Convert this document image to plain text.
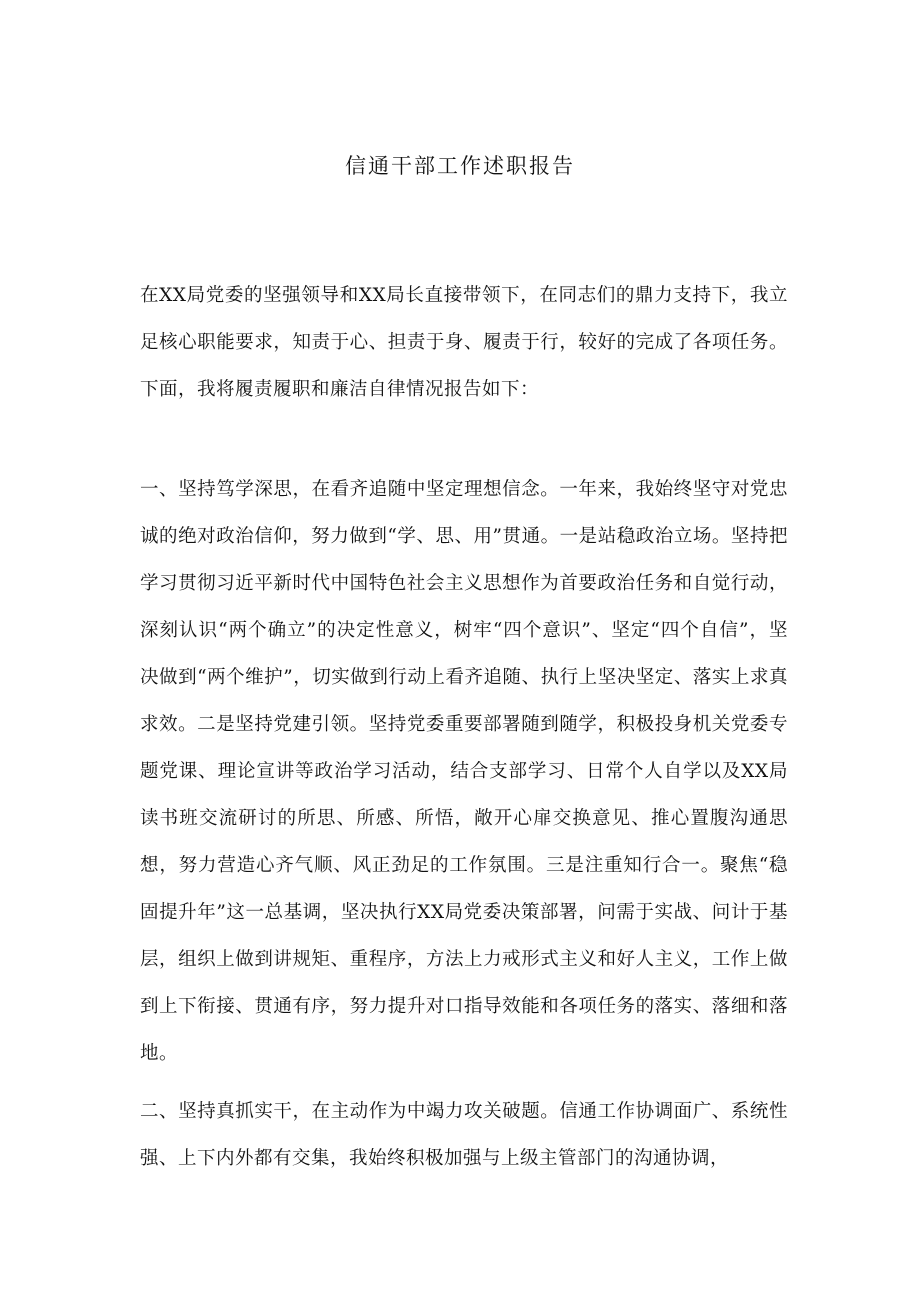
信通干部工作述职报告

在XX局党委的坚强领导和XX局长直接带领下，在同志们的鼎力支持下，我立足核心职能要求，知责于心、担责于身、履责于行，较好的完成了各项任务。下面，我将履责履职和廉洁自律情况报告如下：

一、坚持笃学深思，在看齐追随中坚定理想信念。一年来，我始终坚守对党忠诚的绝对政治信仰，努力做到“学、思、用”贯通。一是站稳政治立场。坚持把学习贯彻习近平新时代中国特色社会主义思想作为首要政治任务和自觉行动，深刻认识“两个确立”的决定性意义，树牢“四个意识”、坚定“四个自信”，坚决做到“两个维护”，切实做到行动上看齐追随、执行上坚决坚定、落实上求真求效。二是坚持党建引领。坚持党委重要部署随到随学，积极投身机关党委专题党课、理论宣讲等政治学习活动，结合支部学习、日常个人自学以及XX局读书班交流研讨的所思、所感、所悟，敞开心扉交换意见、推心置腹沟通思想，努力营造心齐气顺、风正劲足的工作氛围。三是注重知行合一。聚焦“稳固提升年”这一总基调，坚决执行XX局党委决策部署，问需于实战、问计于基层，组织上做到讲规矩、重程序，方法上力戒形式主义和好人主义，工作上做到上下衔接、贯通有序，努力提升对口指导效能和各项任务的落实、落细和落地。

二、坚持真抓实干，在主动作为中竭力攻关破题。信通工作协调面广、系统性强、上下内外都有交集，我始终积极加强与上级主管部门的沟通协调，
